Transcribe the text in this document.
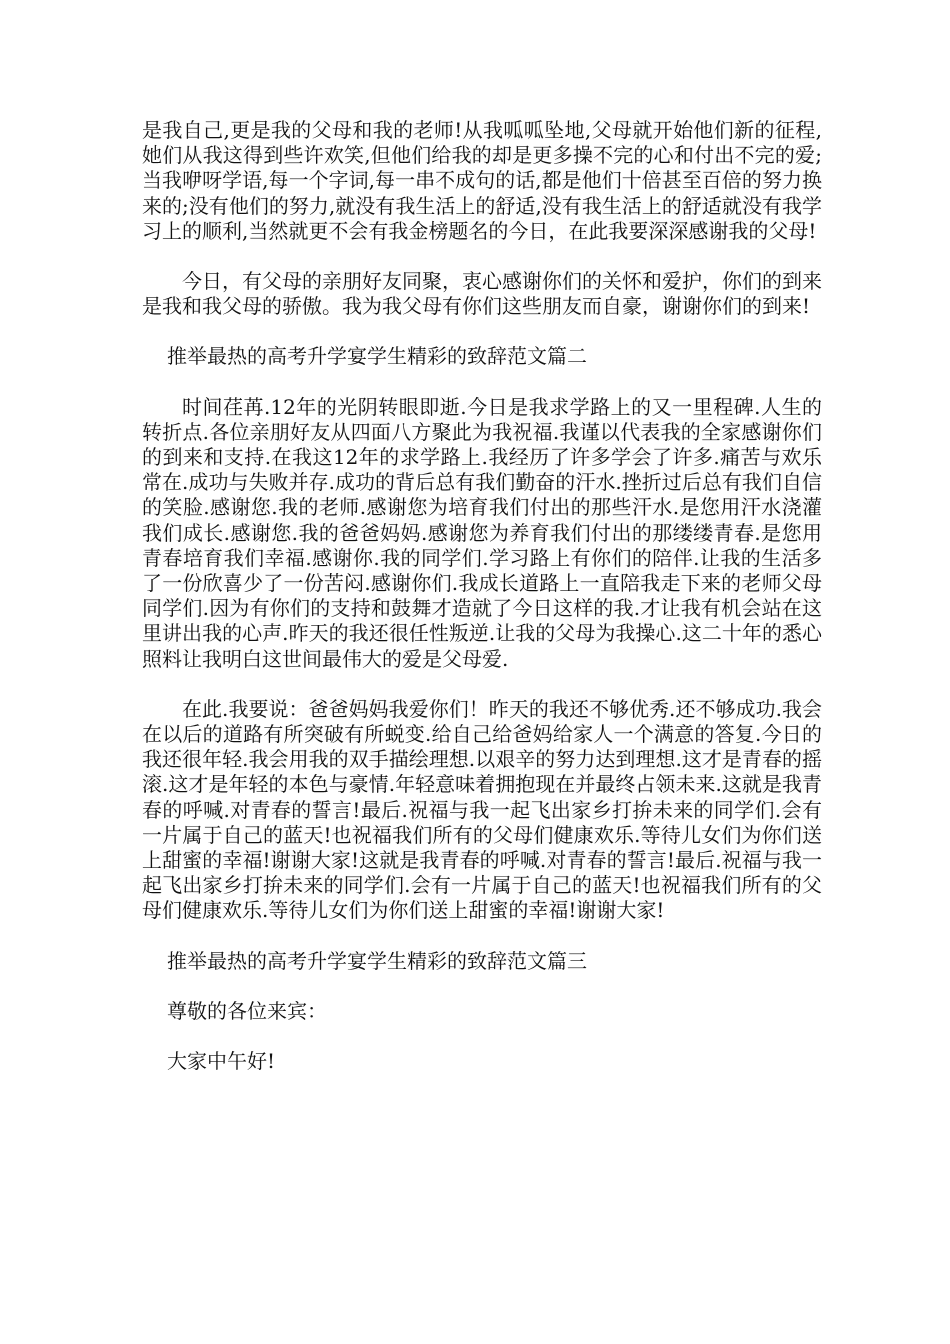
是我自己,更是我的父母和我的老师!从我呱呱坠地,父母就开始他们新的征程,她们从我这得到些许欢笑,但他们给我的却是更多操不完的心和付出不完的爱;当我咿呀学语,每一个字词,每一串不成句的话,都是他们十倍甚至百倍的努力换来的;没有他们的努力,就没有我生活上的舒适,没有我生活上的舒适就没有我学习上的顺利,当然就更不会有我金榜题名的今日，在此我要深深感谢我的父母!

今日，有父母的亲朋好友同聚，衷心感谢你们的关怀和爱护，你们的到来是我和我父母的骄傲。我为我父母有你们这些朋友而自豪，谢谢你们的到来!

推举最热的高考升学宴学生精彩的致辞范文篇二

时间荏苒.12年的光阴转眼即逝.今日是我求学路上的又一里程碑.人生的转折点.各位亲朋好友从四面八方聚此为我祝福.我谨以代表我的全家感谢你们的到来和支持.在我这12年的求学路上.我经历了许多学会了许多.痛苦与欢乐常在.成功与失败并存.成功的背后总有我们勤奋的汗水.挫折过后总有我们自信的笑脸.感谢您.我的老师.感谢您为培育我们付出的那些汗水.是您用汗水浇灌我们成长.感谢您.我的爸爸妈妈.感谢您为养育我们付出的那缕缕青春.是您用青春培育我们幸福.感谢你.我的同学们.学习路上有你们的陪伴.让我的生活多了一份欣喜少了一份苦闷.感谢你们.我成长道路上一直陪我走下来的老师父母同学们.因为有你们的支持和鼓舞才造就了今日这样的我.才让我有机会站在这里讲出我的心声.昨天的我还很任性叛逆.让我的父母为我操心.这二十年的悉心照料让我明白这世间最伟大的爱是父母爱.

在此.我要说：爸爸妈妈我爱你们！昨天的我还不够优秀.还不够成功.我会在以后的道路有所突破有所蜕变.给自己给爸妈给家人一个满意的答复.今日的我还很年轻.我会用我的双手描绘理想.以艰辛的努力达到理想.这才是青春的摇滚.这才是年轻的本色与豪情.年轻意味着拥抱现在并最终占领未来.这就是我青春的呼喊.对青春的誓言!最后.祝福与我一起飞出家乡打拚未来的同学们.会有一片属于自己的蓝天!也祝福我们所有的父母们健康欢乐.等待儿女们为你们送上甜蜜的幸福!谢谢大家!这就是我青春的呼喊.对青春的誓言!最后.祝福与我一起飞出家乡打拚未来的同学们.会有一片属于自己的蓝天!也祝福我们所有的父母们健康欢乐.等待儿女们为你们送上甜蜜的幸福!谢谢大家!

推举最热的高考升学宴学生精彩的致辞范文篇三

尊敬的各位来宾：

大家中午好!
